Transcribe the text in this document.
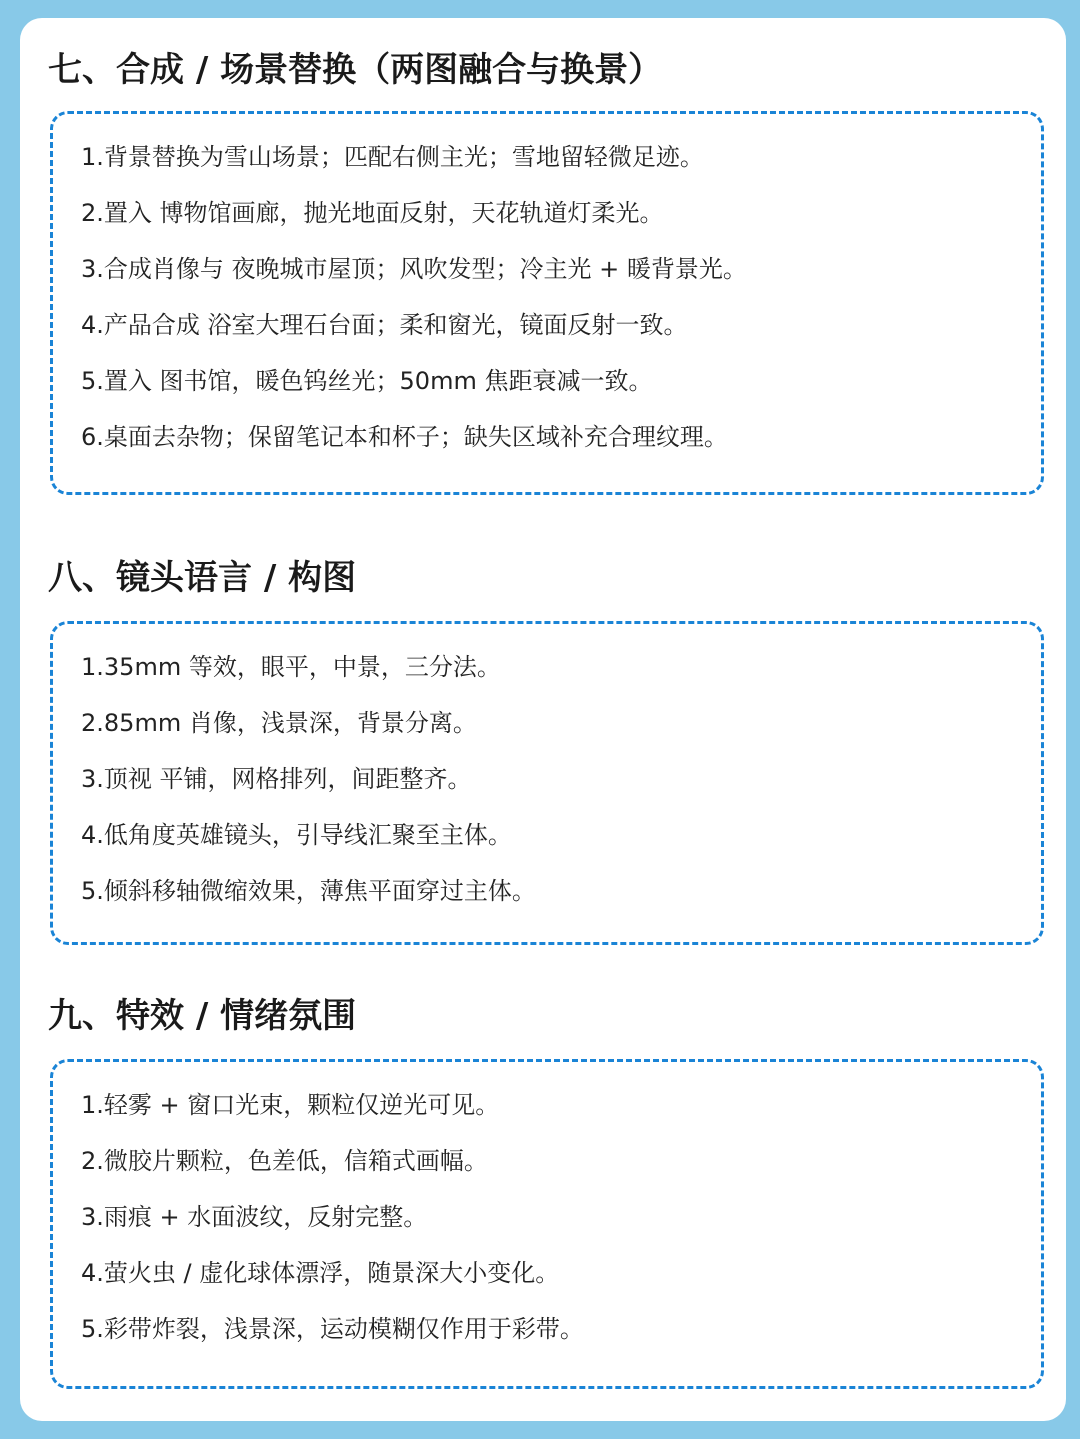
七、合成 / 场景替换（两图融合与换景）
1.背景替换为雪山场景；匹配右侧主光；雪地留轻微足迹。
2.置入 博物馆画廊，抛光地面反射，天花轨道灯柔光。
3.合成肖像与 夜晚城市屋顶；风吹发型；冷主光 + 暖背景光。
4.产品合成 浴室大理石台面；柔和窗光，镜面反射一致。
5.置入 图书馆，暖色钨丝光；50mm 焦距衰减一致。
6.桌面去杂物；保留笔记本和杯子；缺失区域补充合理纹理。
八、镜头语言 / 构图
1.35mm 等效，眼平，中景，三分法。
2.85mm 肖像，浅景深，背景分离。
3.顶视 平铺，网格排列，间距整齐。
4.低角度英雄镜头，引导线汇聚至主体。
5.倾斜移轴微缩效果，薄焦平面穿过主体。
九、特效 / 情绪氛围
1.轻雾 + 窗口光束，颗粒仅逆光可见。
2.微胶片颗粒，色差低，信箱式画幅。
3.雨痕 + 水面波纹，反射完整。
4.萤火虫 / 虚化球体漂浮，随景深大小变化。
5.彩带炸裂，浅景深，运动模糊仅作用于彩带。
